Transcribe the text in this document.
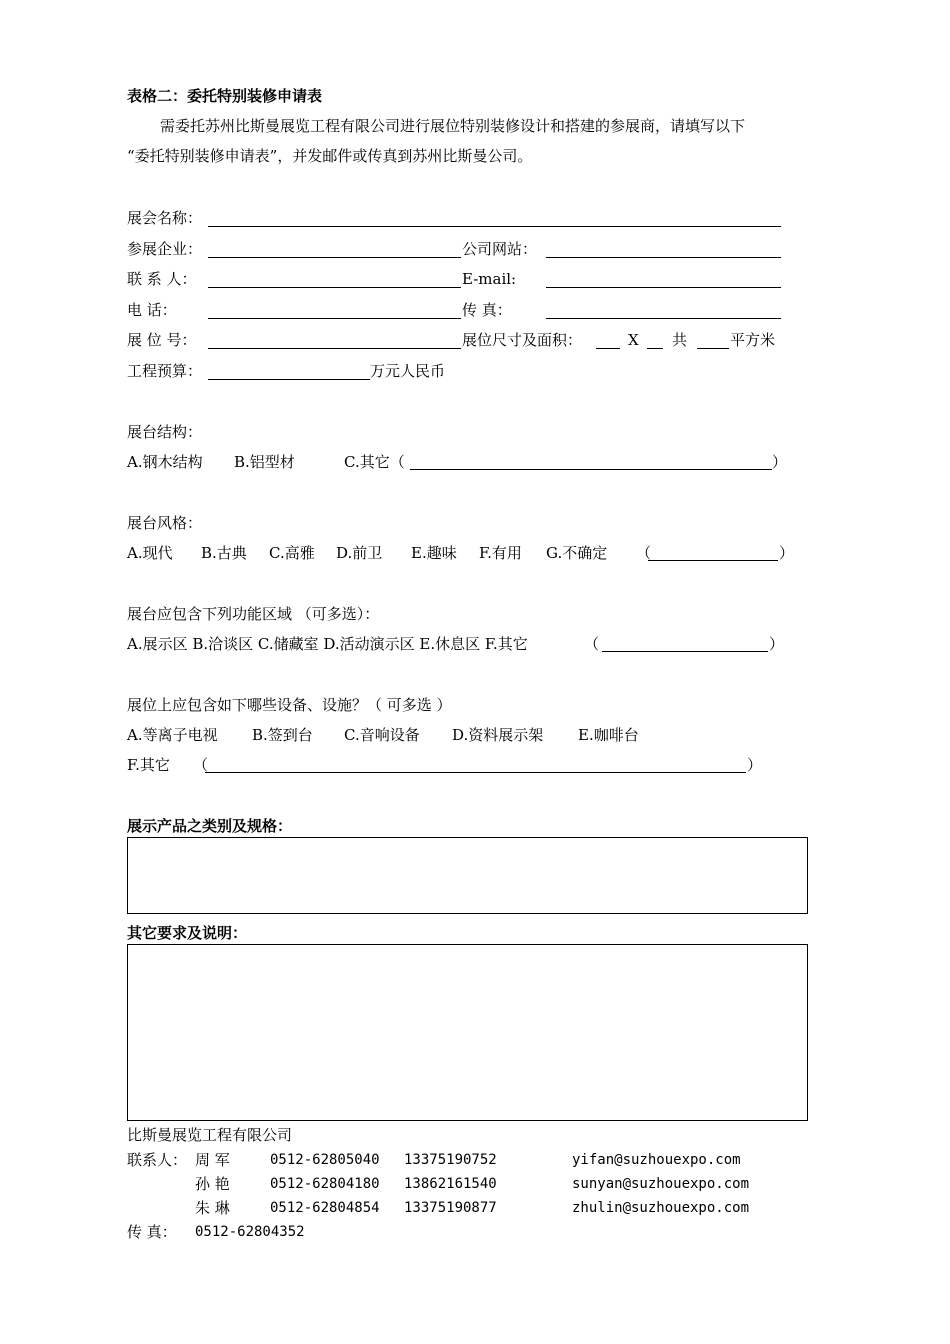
表格二：委托特别装修申请表
需委托苏州比斯曼展览工程有限公司进行展位特别装修设计和搭建的参展商，请填写以下
“委托特别装修申请表”，并发邮件或传真到苏州比斯曼公司。
展会名称：
参展企业：	公司网站：
联 系 人：	E-mail:
电 话：	传 真：
展 位 号：	展位尺寸及面积：	X 共	平方米
工程预算：	万元人民币
展台结构：
A.钢木结构 B.铝型材	C.其它（	）
展台风格：
A.现代 B.古典 C.高雅 D.前卫 E.趣味 F.有用 G.不确定 （	）
展台应包含下列功能区域 （可多选）：
A.展示区 B.洽谈区 C.储藏室 D.活动演示区 E.休息区 F.其它	（	）
展位上应包含如下哪些设备、设施？（ 可多选 ）
A.等离子电视 B.签到台 C.音响设备 D.资料展示架 E.咖啡台
F.其它 （	）
展示产品之类别及规格：
其它要求及说明：
比斯曼展览工程有限公司
联系人： 周 军	0512-62805040 13375190752	yifan@suzhouexpo.com
孙 艳	0512-62804180 13862161540	sunyan@suzhouexpo.com
朱 琳	0512-62804854 13375190877	zhulin@suzhouexpo.com
传 真： 0512-62804352
